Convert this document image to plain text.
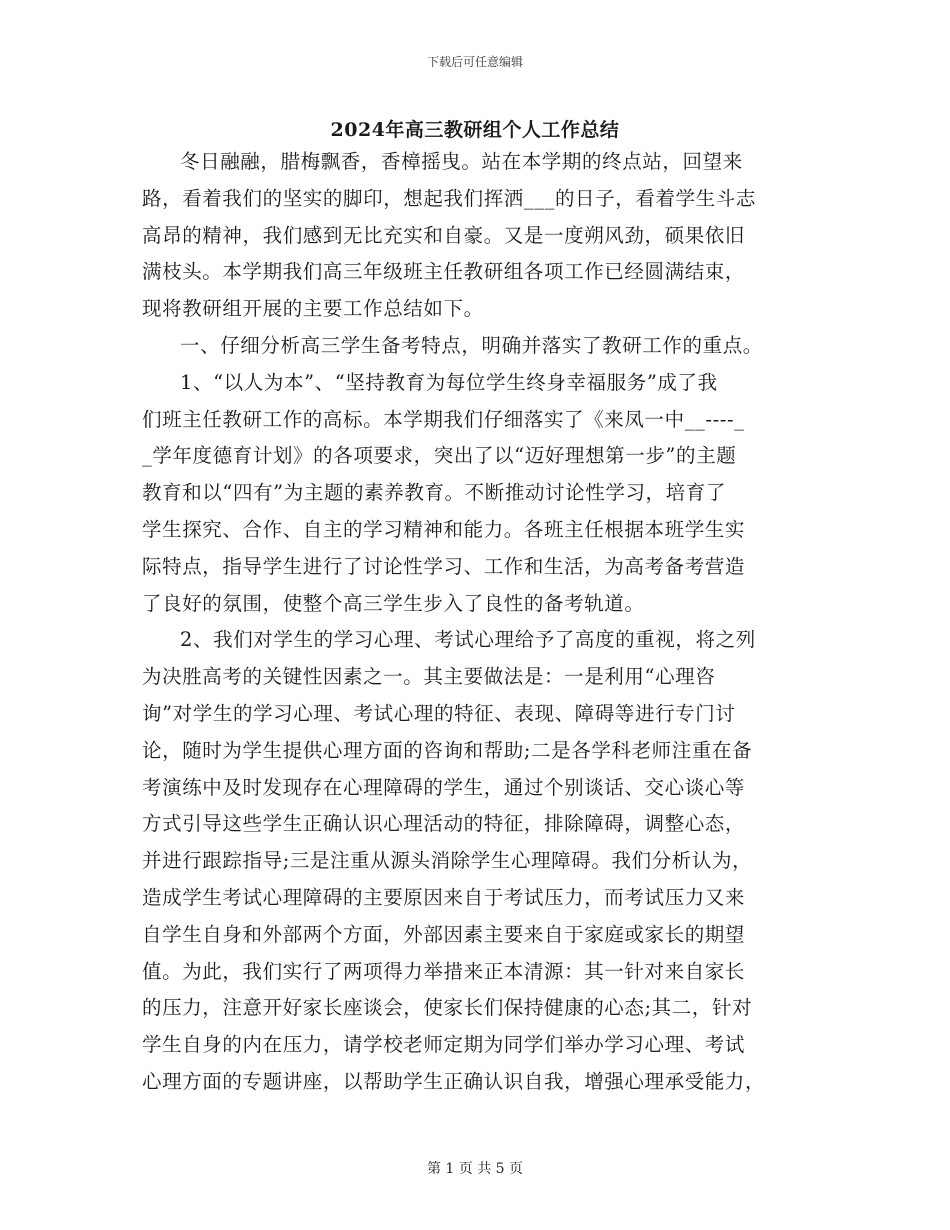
下载后可任意编辑
2024年高三教研组个人工作总结
冬日融融，腊梅飘香，香樟摇曳。站在本学期的终点站，回望来
路，看着我们的坚实的脚印，想起我们挥洒___的日子，看着学生斗志
高昂的精神，我们感到无比充实和自豪。又是一度朔风劲，硕果依旧
满枝头。本学期我们高三年级班主任教研组各项工作已经圆满结束，
现将教研组开展的主要工作总结如下。
一、仔细分析高三学生备考特点，明确并落实了教研工作的重点。
1、“以人为本”、“坚持教育为每位学生终身幸福服务”成了我
们班主任教研工作的高标。本学期我们仔细落实了《来凤一中__----_
_学年度德育计划》的各项要求，突出了以“迈好理想第一步”的主题
教育和以“四有”为主题的素养教育。不断推动讨论性学习，培育了
学生探究、合作、自主的学习精神和能力。各班主任根据本班学生实
际特点，指导学生进行了讨论性学习、工作和生活，为高考备考营造
了良好的氛围，使整个高三学生步入了良性的备考轨道。
2、我们对学生的学习心理、考试心理给予了高度的重视，将之列
为决胜高考的关键性因素之一。其主要做法是：一是利用“心理咨
询”对学生的学习心理、考试心理的特征、表现、障碍等进行专门讨
论，随时为学生提供心理方面的咨询和帮助;二是各学科老师注重在备
考演练中及时发现存在心理障碍的学生，通过个别谈话、交心谈心等
方式引导这些学生正确认识心理活动的特征，排除障碍，调整心态，
并进行跟踪指导;三是注重从源头消除学生心理障碍。我们分析认为，
造成学生考试心理障碍的主要原因来自于考试压力，而考试压力又来
自学生自身和外部两个方面，外部因素主要来自于家庭或家长的期望
值。为此，我们实行了两项得力举措来正本清源：其一针对来自家长
的压力，注意开好家长座谈会，使家长们保持健康的心态;其二，针对
学生自身的内在压力，请学校老师定期为同学们举办学习心理、考试
心理方面的专题讲座，以帮助学生正确认识自我，增强心理承受能力，
第 1 页 共 5 页
